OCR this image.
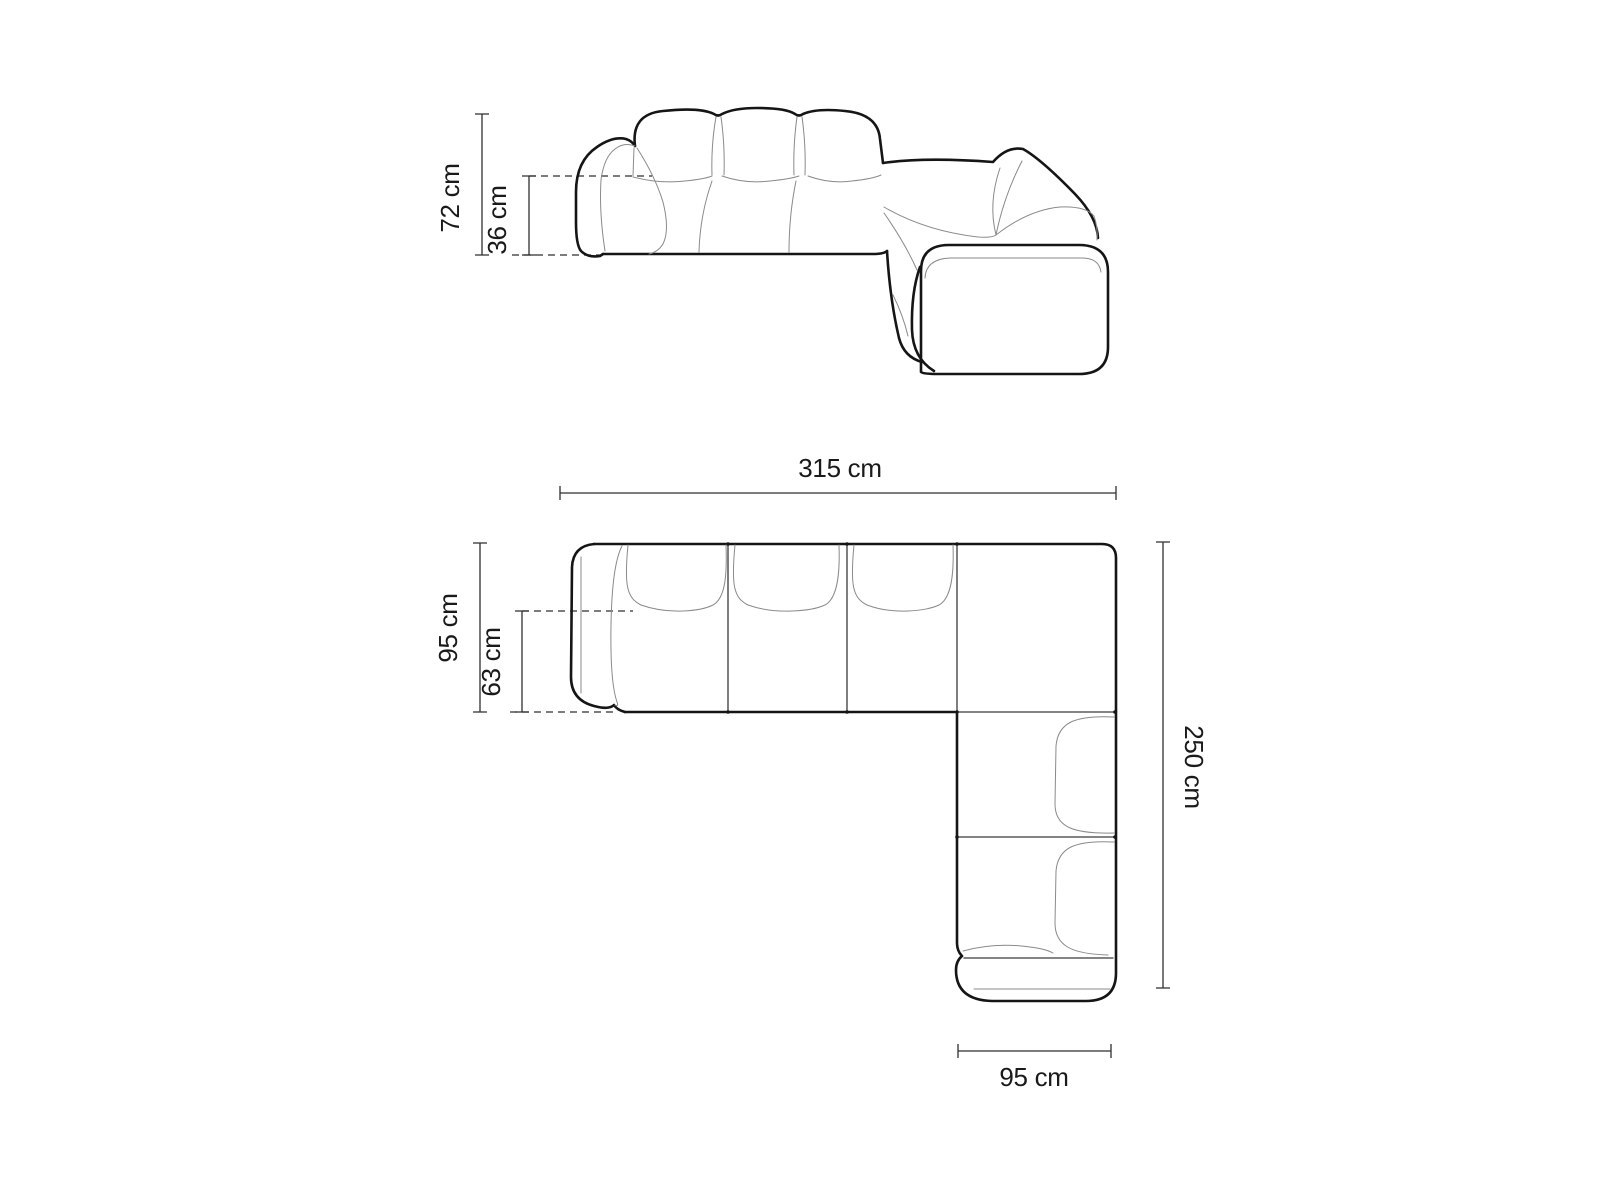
72 cm 36 cm
315 cm
95 cm 63 cm
250 cm
95 cm
